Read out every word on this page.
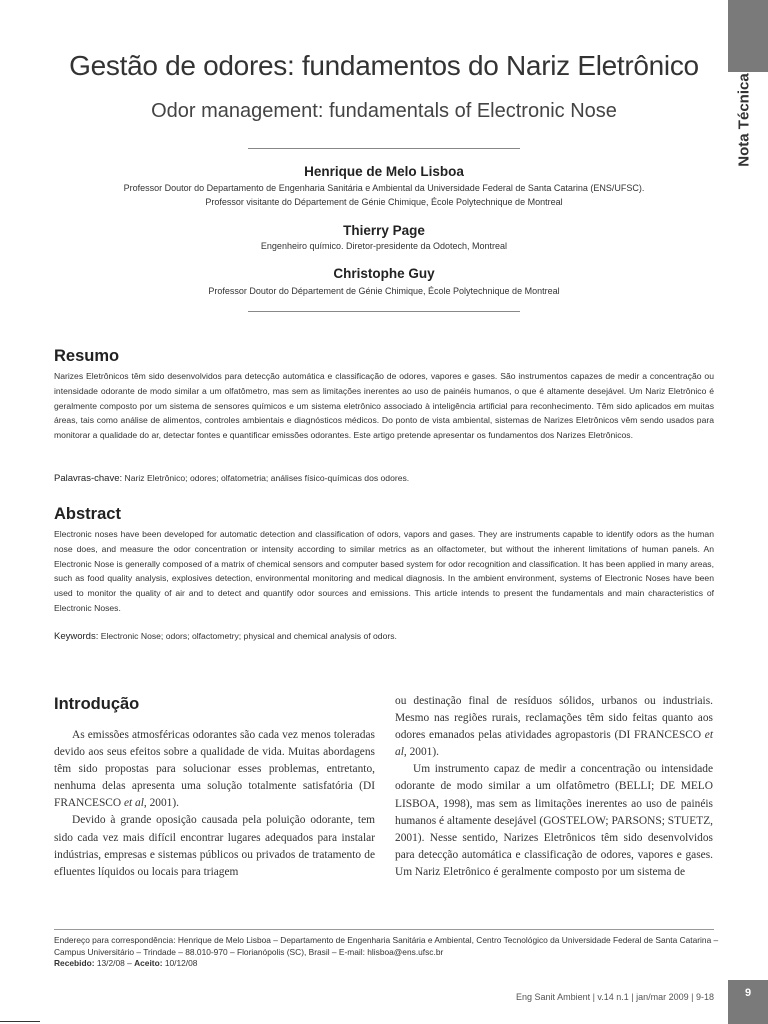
Nota Técnica
Gestão de odores: fundamentos do Nariz Eletrônico
Odor management: fundamentals of Electronic Nose
Henrique de Melo Lisboa
Professor Doutor do Departamento de Engenharia Sanitária e Ambiental da Universidade Federal de Santa Catarina (ENS/UFSC).
Professor visitante do Département de Génie Chimique, École Polytechnique de Montreal
Thierry Page
Engenheiro químico. Diretor-presidente da Odotech, Montreal
Christophe Guy
Professor Doutor do Département de Génie Chimique, École Polytechnique de Montreal
Resumo
Narizes Eletrônicos têm sido desenvolvidos para detecção automática e classificação de odores, vapores e gases. São instrumentos capazes de medir a concentração ou intensidade odorante de modo similar a um olfatômetro, mas sem as limitações inerentes ao uso de painéis humanos, o que é altamente desejável. Um Nariz Eletrônico é geralmente composto por um sistema de sensores químicos e um sistema eletrônico associado à inteligência artificial para reconhecimento. Têm sido aplicados em muitas áreas, tais como análise de alimentos, controles ambientais e diagnósticos médicos. Do ponto de vista ambiental, sistemas de Narizes Eletrônicos vêm sendo usados para monitorar a qualidade do ar, detectar fontes e quantificar emissões odorantes. Este artigo pretende apresentar os fundamentos dos Narizes Eletrônicos.
Palavras-chave: Nariz Eletrônico; odores; olfatometria; análises físico-químicas dos odores.
Abstract
Electronic noses have been developed for automatic detection and classification of odors, vapors and gases. They are instruments capable to identify odors as the human nose does, and measure the odor concentration or intensity according to similar metrics as an olfactometer, but without the inherent limitations of human panels. An Electronic Nose is generally composed of a matrix of chemical sensors and computer based system for odor recognition and classification. It has been applied in many areas, such as food quality analysis, explosives detection, environmental monitoring and medical diagnosis. In the ambient environment, systems of Electronic Noses have been used to monitor the quality of air and to detect and quantify odor sources and emissions. This article intends to present the fundamentals and main characteristics of Electronic Noses.
Keywords: Electronic Nose; odors; olfactometry; physical and chemical analysis of odors.
Introdução

As emissões atmosféricas odorantes são cada vez menos toleradas devido aos seus efeitos sobre a qualidade de vida. Muitas abordagens têm sido propostas para solucionar esses problemas, entretanto, nenhuma delas apresenta uma solução totalmente satisfatória (DI FRANCESCO et al, 2001).

Devido à grande oposição causada pela poluição odorante, tem sido cada vez mais difícil encontrar lugares adequados para instalar indústrias, empresas e sistemas públicos ou privados de tratamento de efluentes líquidos ou locais para triagem

ou destinação final de resíduos sólidos, urbanos ou industriais. Mesmo nas regiões rurais, reclamações têm sido feitas quanto aos odores emanados pelas atividades agropastoris (DI FRANCESCO et al, 2001).

Um instrumento capaz de medir a concentração ou intensidade odorante de modo similar a um olfatômetro (BELLI; DE MELO LISBOA, 1998), mas sem as limitações inerentes ao uso de painéis humanos é altamente desejável (GOSTELOW; PARSONS; STUETZ, 2001). Nesse sentido, Narizes Eletrônicos têm sido desenvolvidos para detecção automática e classificação de odores, vapores e gases. Um Nariz Eletrônico é geralmente composto por um sistema de

Endereço para correspondência: Henrique de Melo Lisboa – Departamento de Engenharia Sanitária e Ambiental, Centro Tecnológico da Universidade Federal de Santa Catarina – Campus Universitário – Trindade – 88.010-970 – Florianópolis (SC), Brasil – E-mail: hlisboa@ens.ufsc.br
Recebido: 13/2/08 – Aceito: 10/12/08
Eng Sanit Ambient | v.14 n.1 | jan/mar 2009 | 9-18	9
